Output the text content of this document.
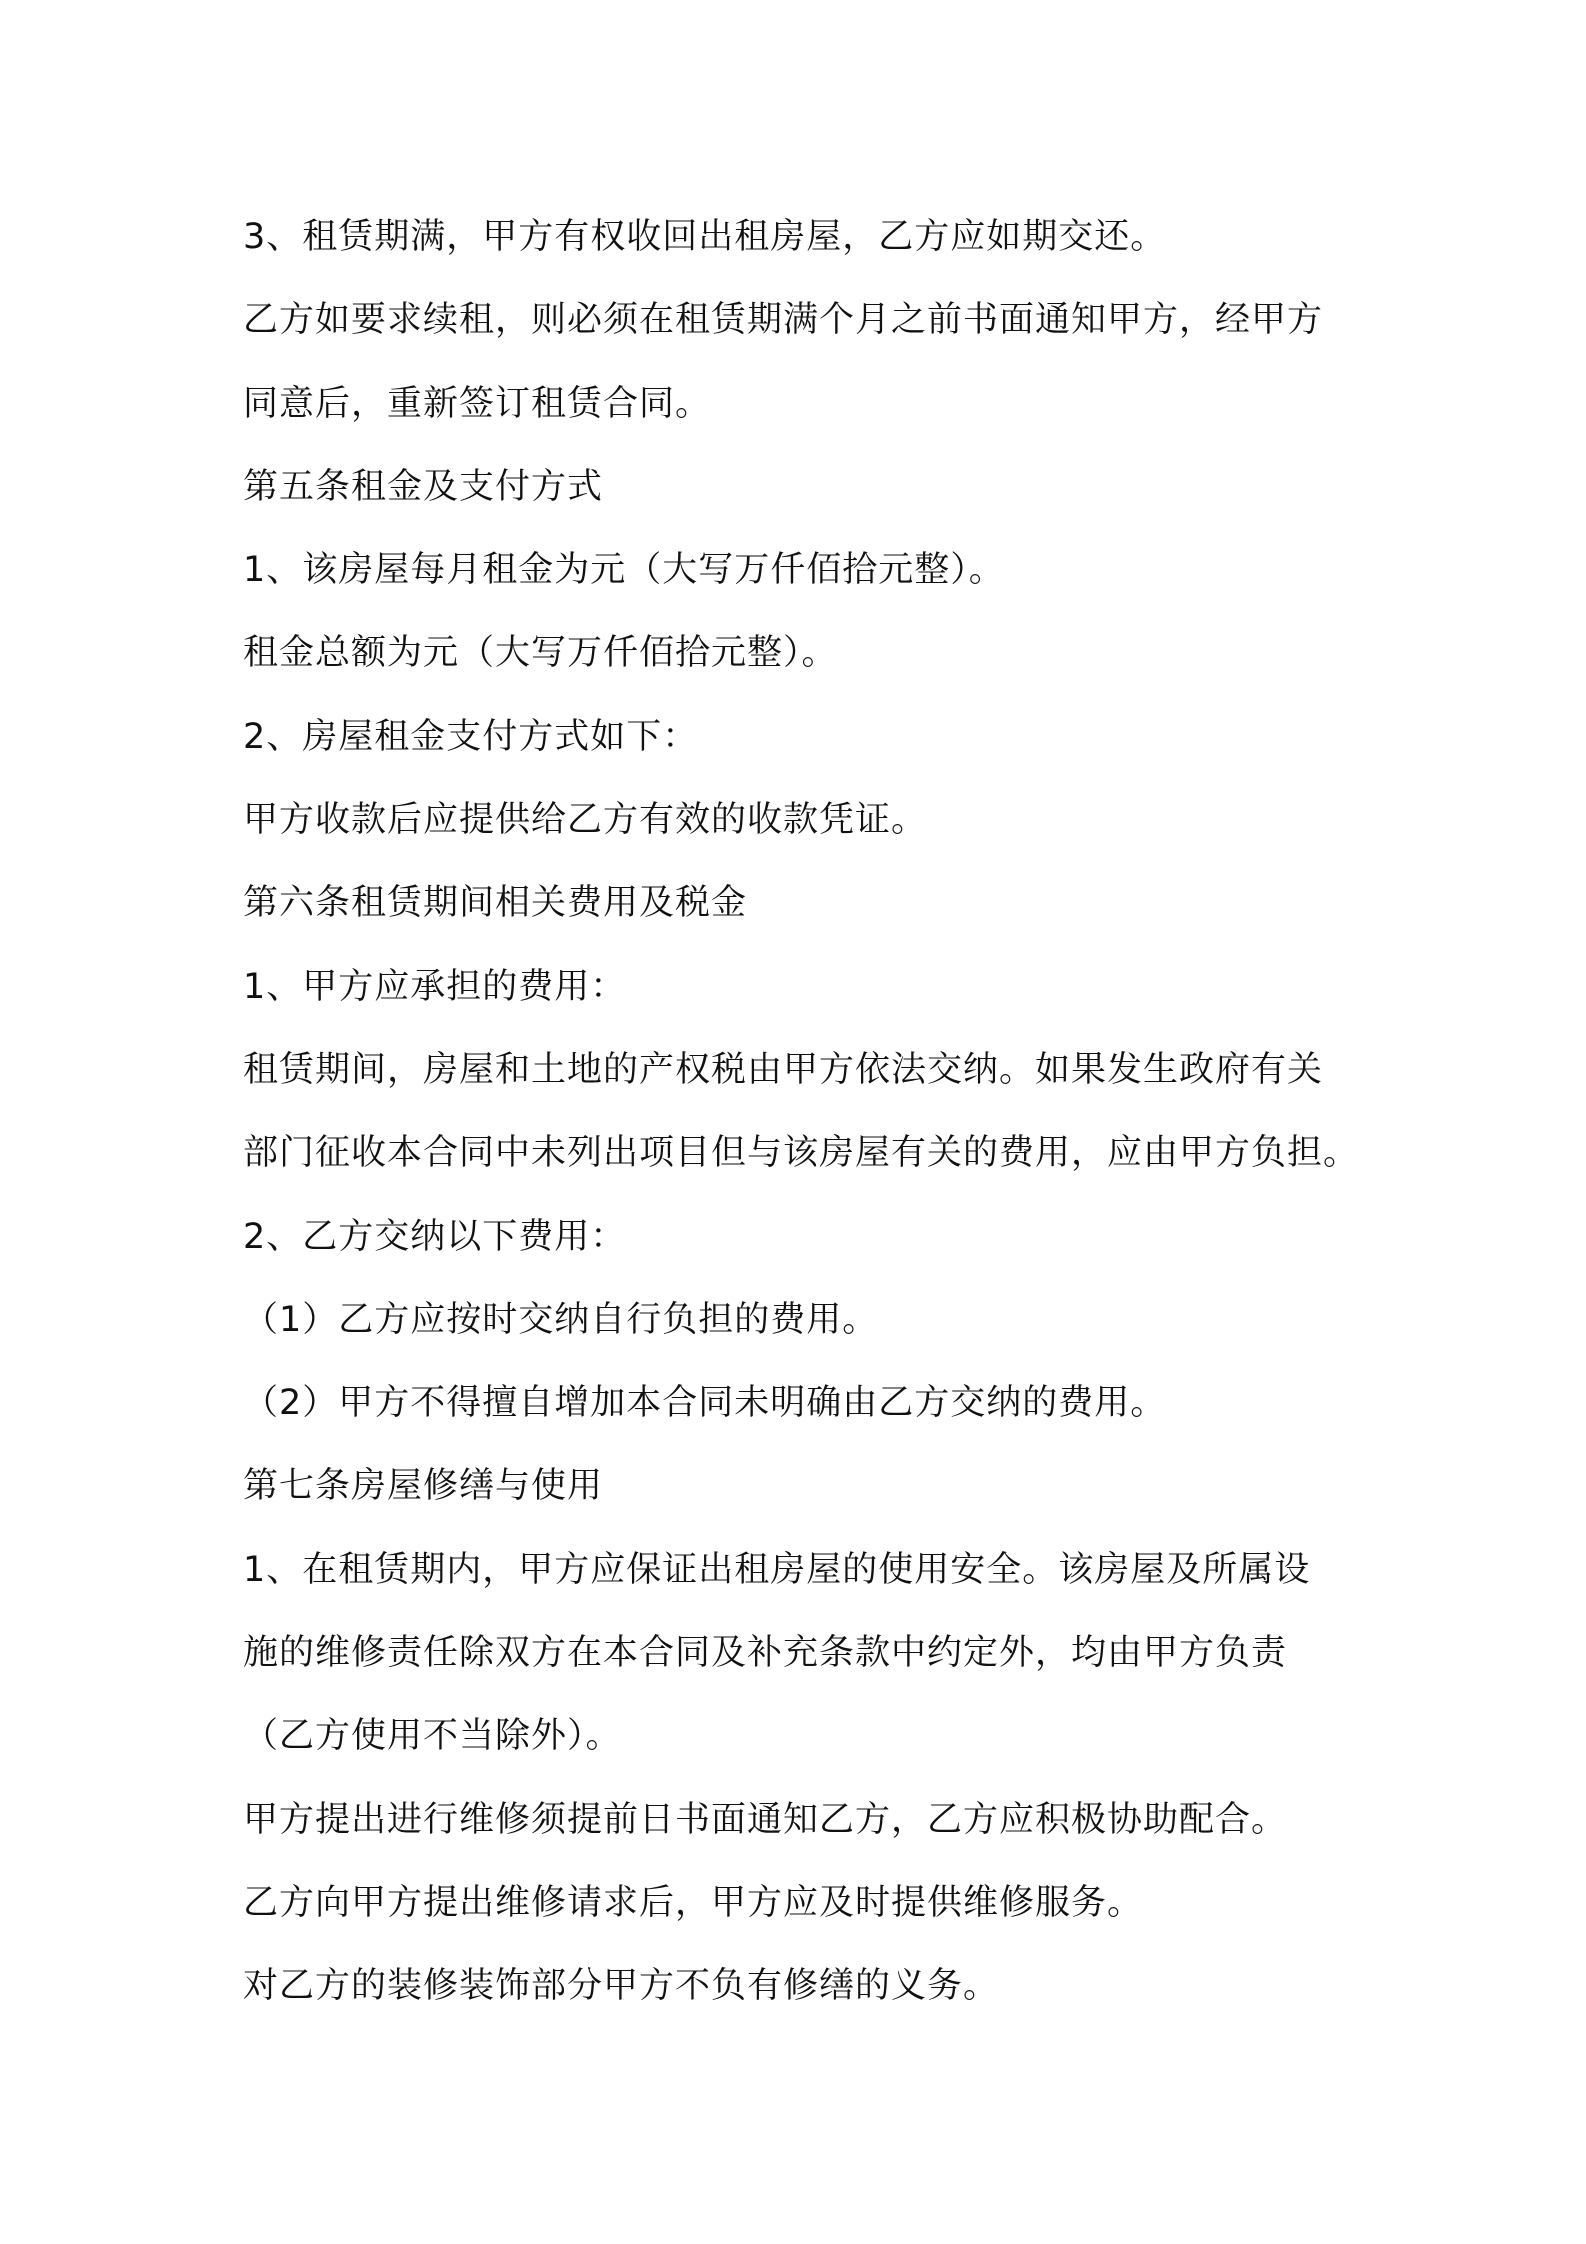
3、租赁期满，甲方有权收回出租房屋，乙方应如期交还。
乙方如要求续租，则必须在租赁期满个月之前书面通知甲方，经甲方
同意后，重新签订租赁合同。
第五条租金及支付方式
1、该房屋每月租金为元（大写万仟佰拾元整）。
租金总额为元（大写万仟佰拾元整）。
2、房屋租金支付方式如下：
甲方收款后应提供给乙方有效的收款凭证。
第六条租赁期间相关费用及税金
1、甲方应承担的费用：
租赁期间，房屋和土地的产权税由甲方依法交纳。如果发生政府有关
部门征收本合同中未列出项目但与该房屋有关的费用，应由甲方负担。
2、乙方交纳以下费用：
（1）乙方应按时交纳自行负担的费用。
（2）甲方不得擅自增加本合同未明确由乙方交纳的费用。
第七条房屋修缮与使用
1、在租赁期内，甲方应保证出租房屋的使用安全。该房屋及所属设
施的维修责任除双方在本合同及补充条款中约定外，均由甲方负责
（乙方使用不当除外）。
甲方提出进行维修须提前日书面通知乙方，乙方应积极协助配合。
乙方向甲方提出维修请求后，甲方应及时提供维修服务。
对乙方的装修装饰部分甲方不负有修缮的义务。
